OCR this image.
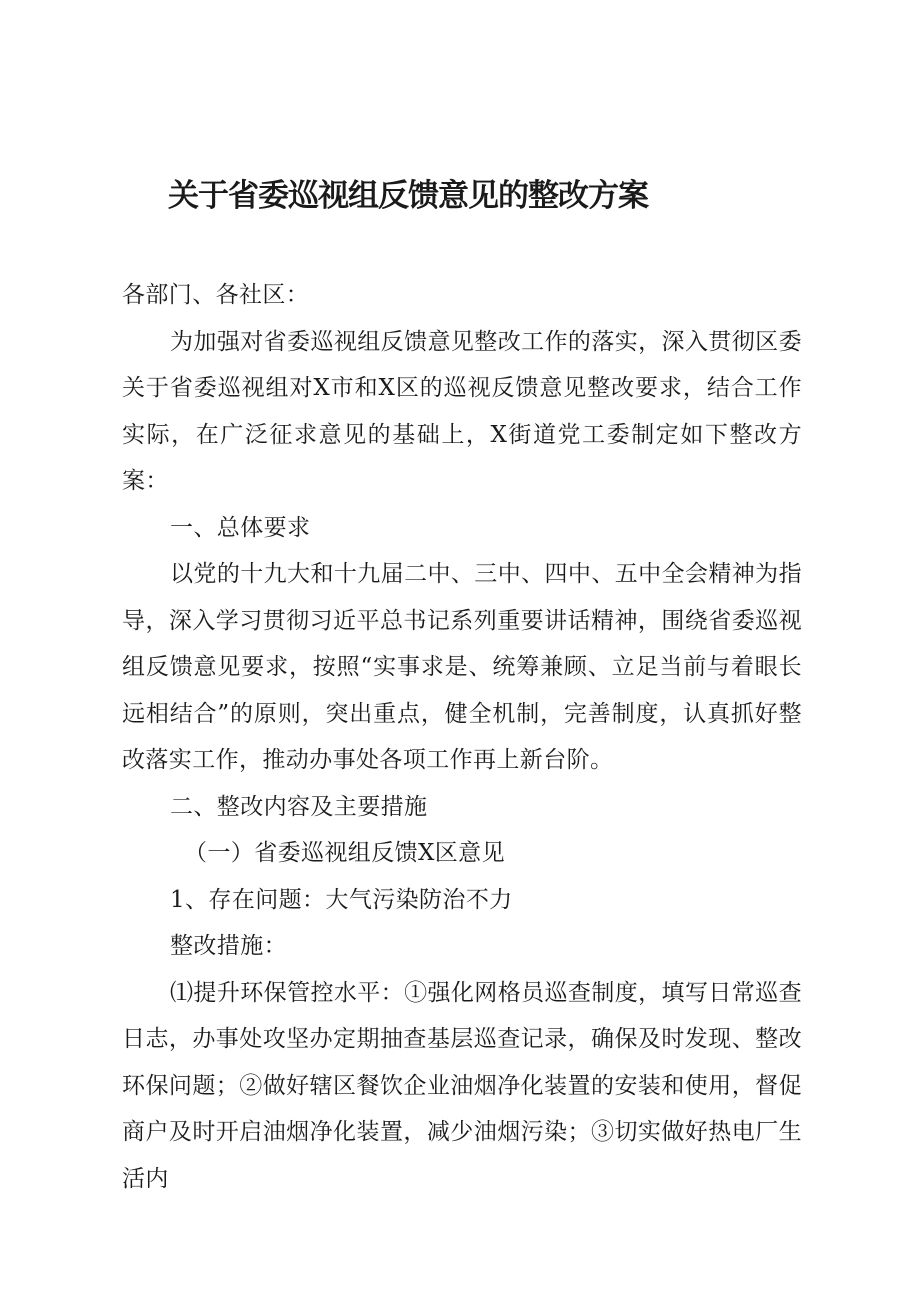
关于省委巡视组反馈意见的整改方案

各部门、各社区：

为加强对省委巡视组反馈意见整改工作的落实，深入贯彻区委关于省委巡视组对X市和X区的巡视反馈意见整改要求，结合工作实际，在广泛征求意见的基础上，X街道党工委制定如下整改方案：

一、总体要求

以党的十九大和十九届二中、三中、四中、五中全会精神为指导，深入学习贯彻习近平总书记系列重要讲话精神，围绕省委巡视组反馈意见要求，按照“实事求是、统筹兼顾、立足当前与着眼长远相结合”的原则，突出重点，健全机制，完善制度，认真抓好整改落实工作，推动办事处各项工作再上新台阶。

二、整改内容及主要措施

（一）省委巡视组反馈X区意见

1、存在问题：大气污染防治不力

整改措施：

⑴提升环保管控水平：①强化网格员巡查制度，填写日常巡查日志，办事处攻坚办定期抽查基层巡查记录，确保及时发现、整改环保问题；②做好辖区餐饮企业油烟净化装置的安装和使用，督促商户及时开启油烟净化装置，减少油烟污染；③切实做好热电厂生活内
